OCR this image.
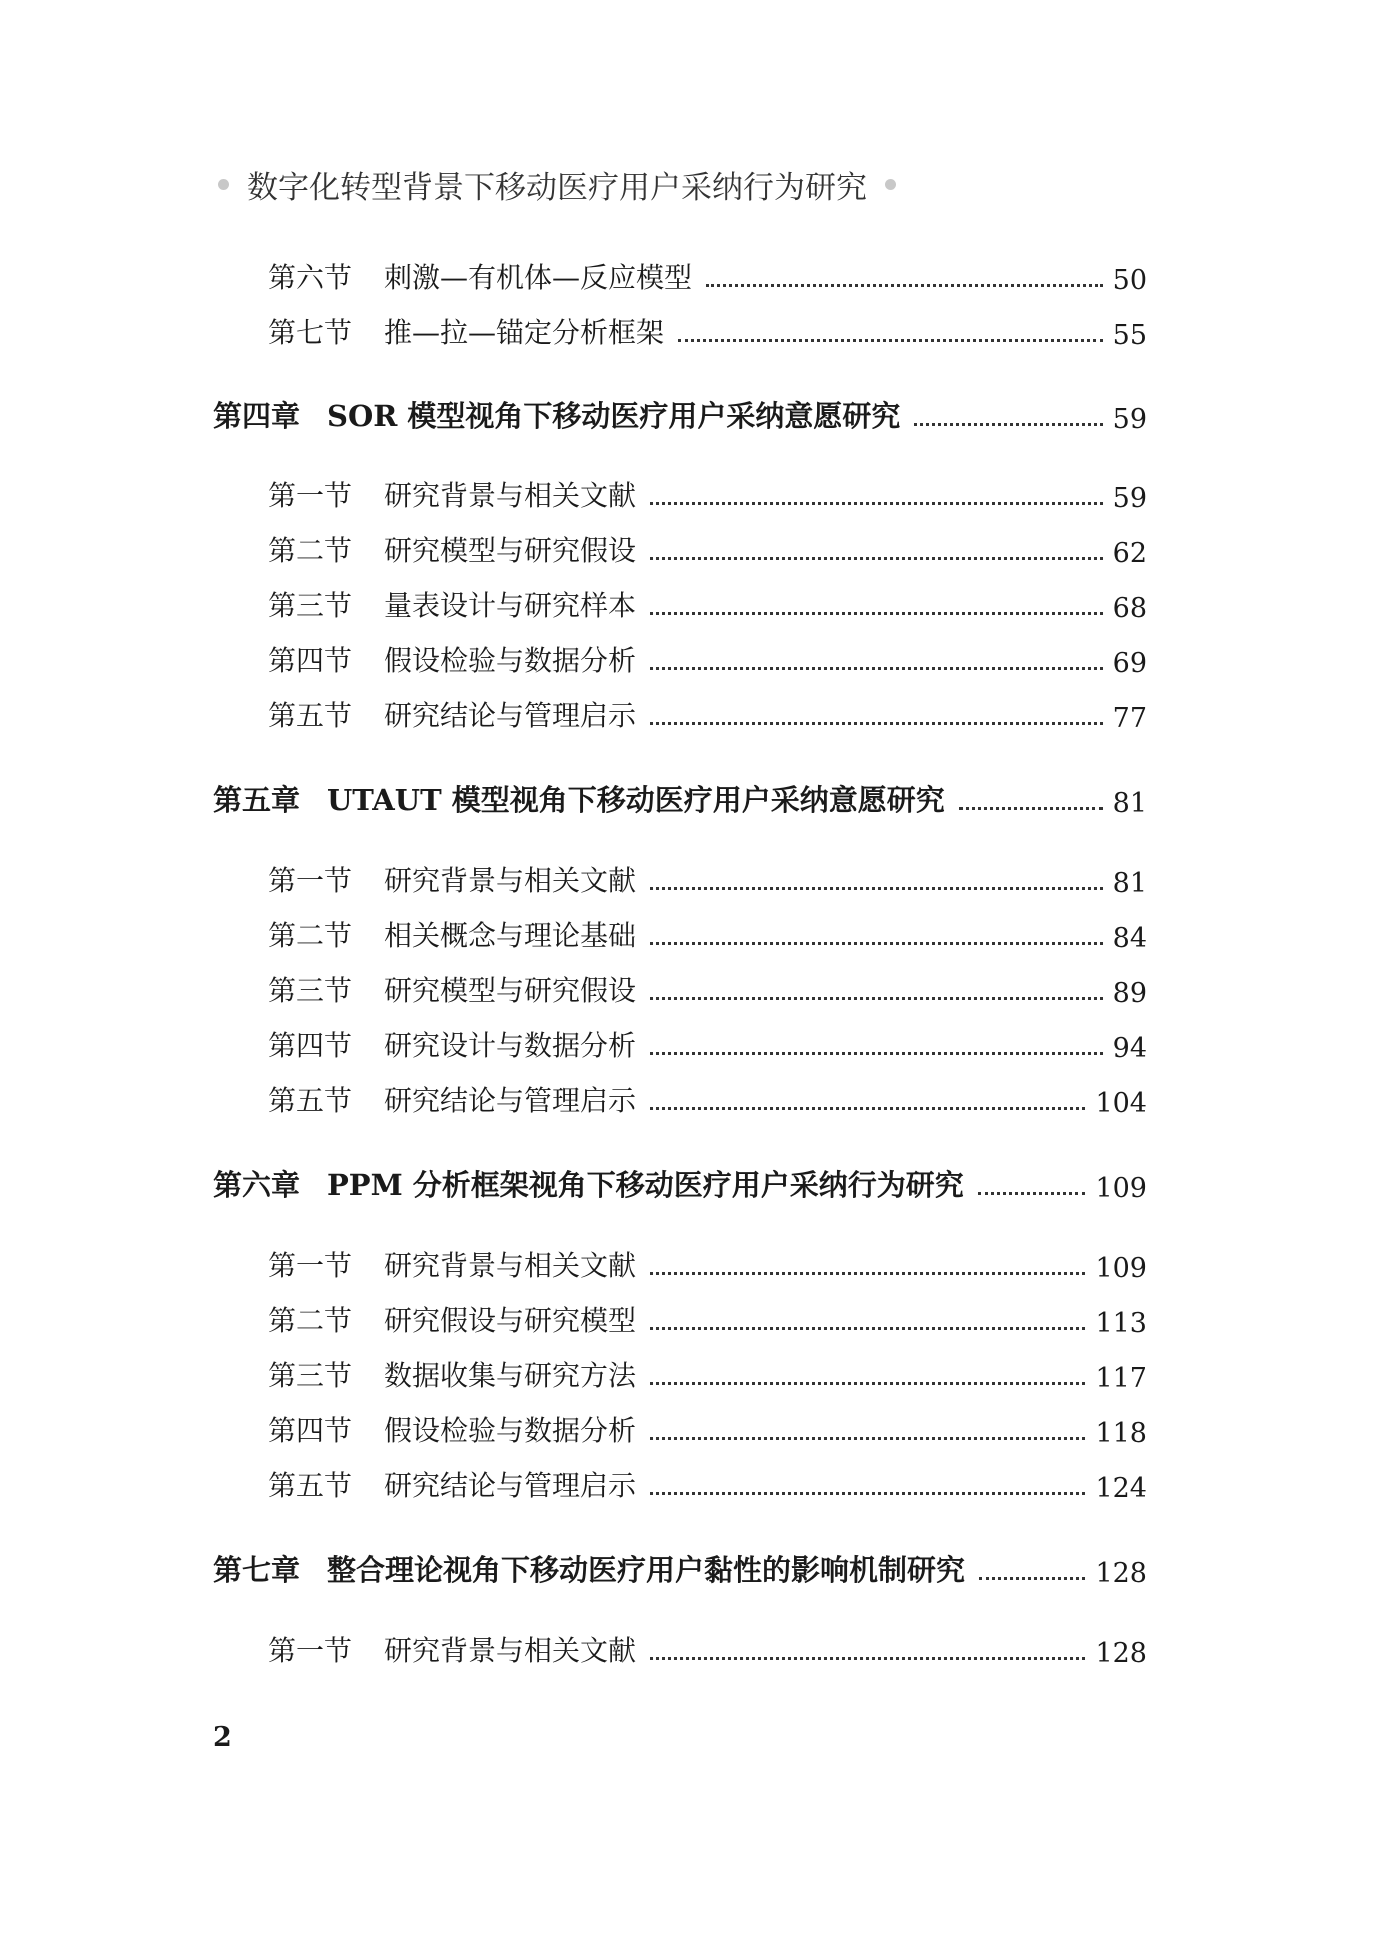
数字化转型背景下移动医疗用户采纳行为研究
第六节	刺激—有机体—反应模型	50
第七节	推—拉—锚定分析框架	55
第四章 SOR 模型视角下移动医疗用户采纳意愿研究	59
第一节	研究背景与相关文献	59
第二节	研究模型与研究假设	62
第三节	量表设计与研究样本	68
第四节	假设检验与数据分析	69
第五节	研究结论与管理启示	77
第五章 UTAUT 模型视角下移动医疗用户采纳意愿研究	81
第一节	研究背景与相关文献	81
第二节	相关概念与理论基础	84
第三节	研究模型与研究假设	89
第四节	研究设计与数据分析	94
第五节	研究结论与管理启示	104
第六章 PPM 分析框架视角下移动医疗用户采纳行为研究	109
第一节	研究背景与相关文献	109
第二节	研究假设与研究模型	113
第三节	数据收集与研究方法	117
第四节	假设检验与数据分析	118
第五节	研究结论与管理启示	124
第七章 整合理论视角下移动医疗用户黏性的影响机制研究	128
第一节	研究背景与相关文献	128
2
